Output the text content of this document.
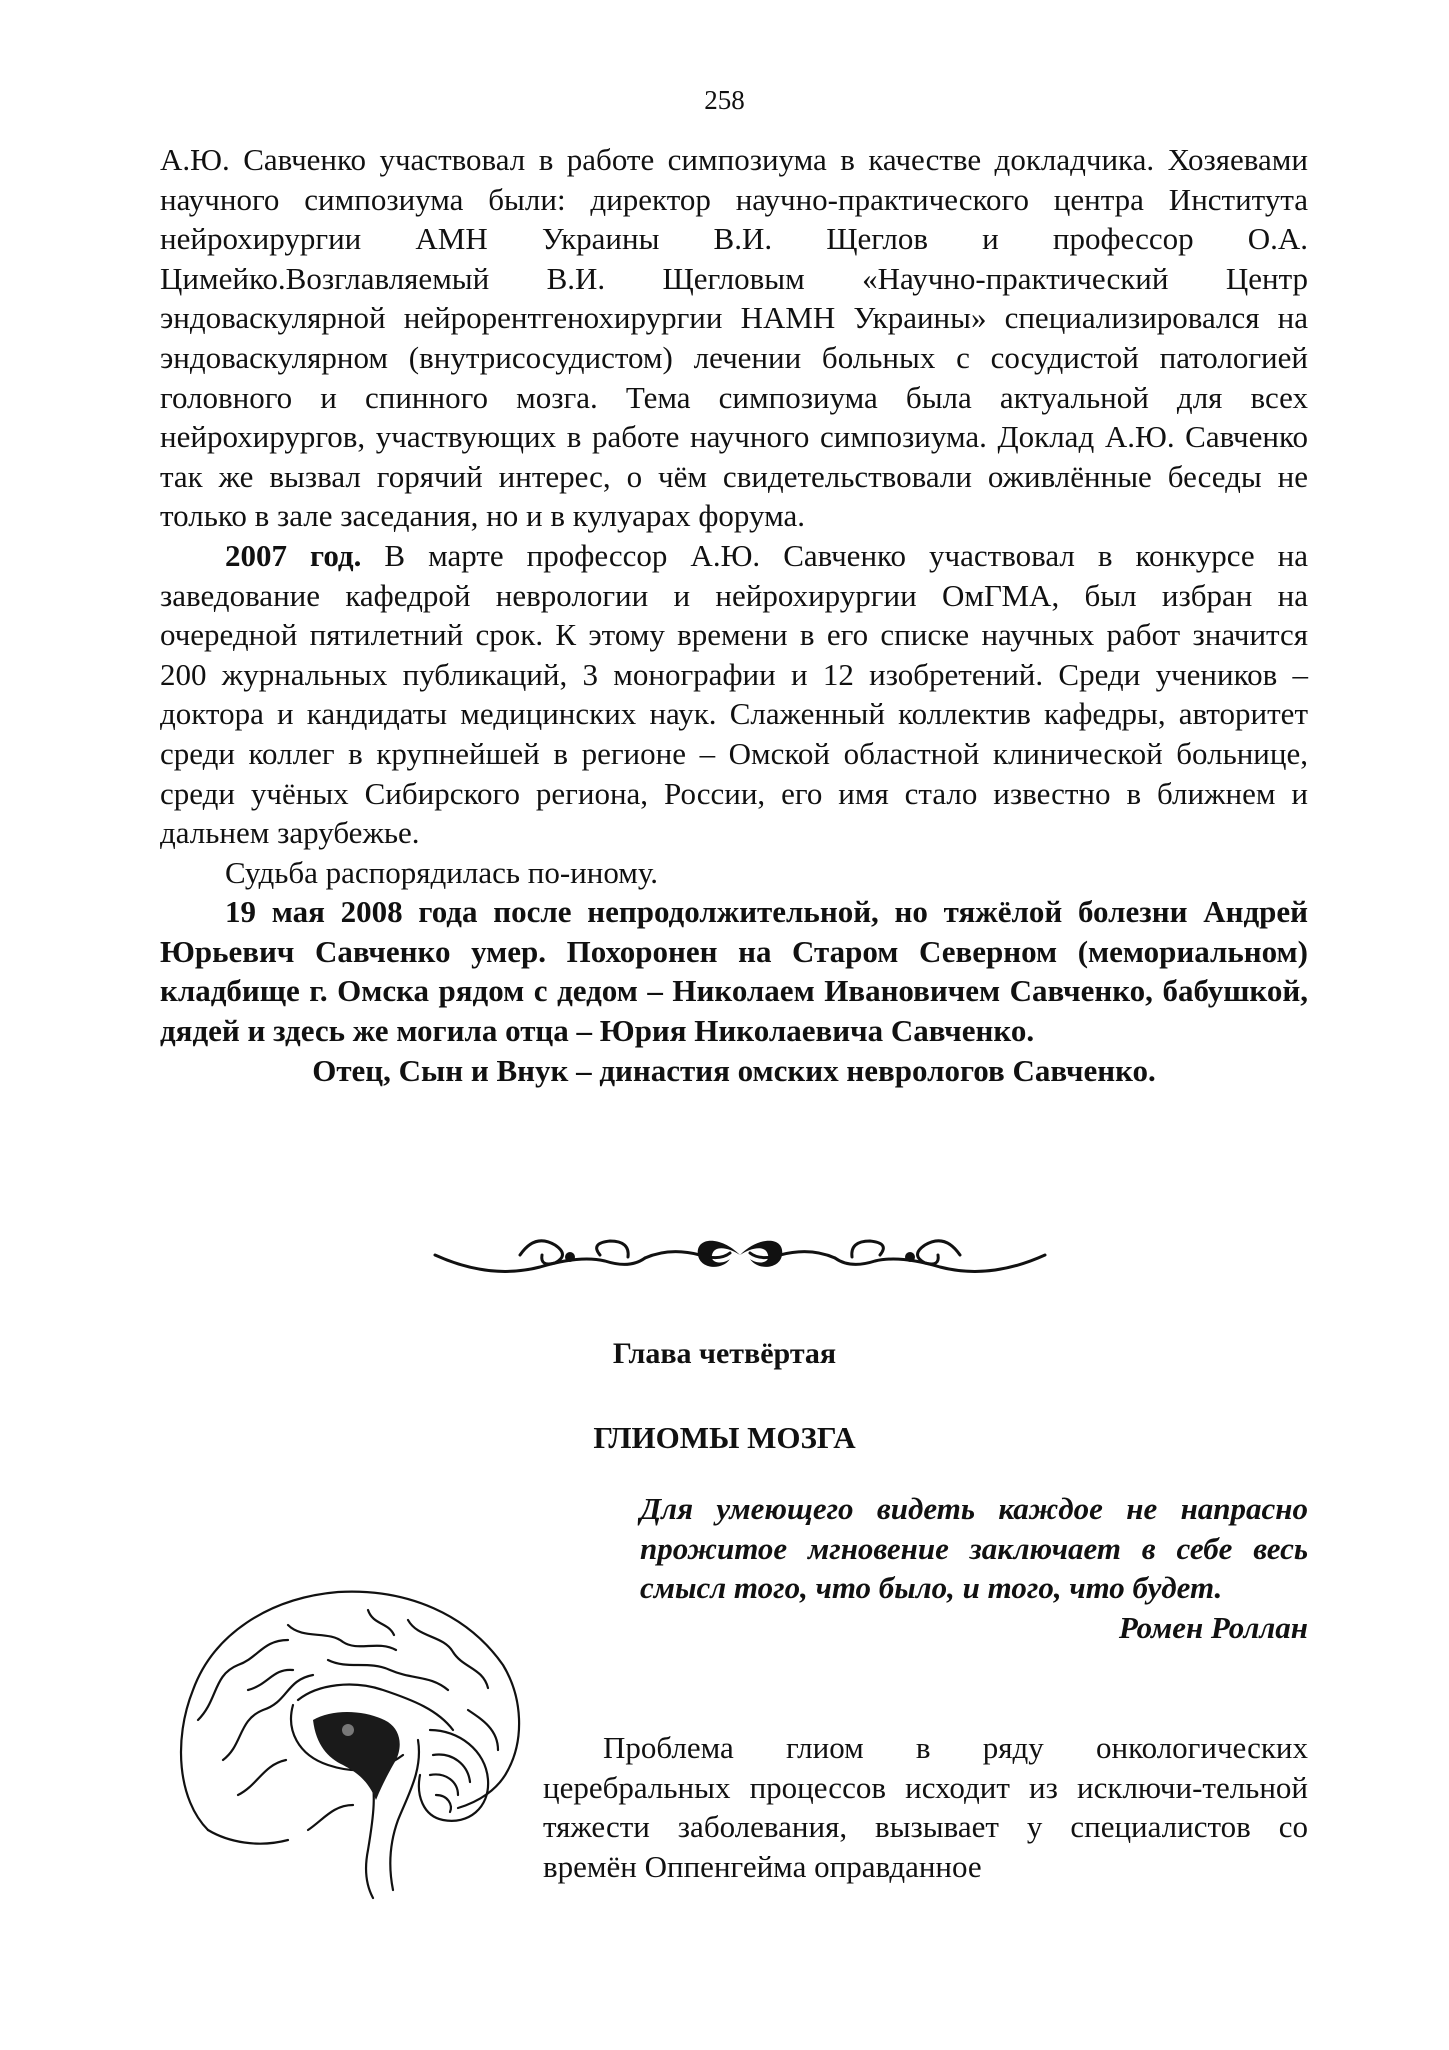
258

А.Ю. Савченко участвовал в работе симпозиума в качестве докладчика. Хозяевами научного симпозиума были: директор научно-практического центра Института нейрохирургии АМН Украины В.И. Щеглов и профессор О.А. Цимейко.Возглавляемый В.И. Щегловым «Научно-практический Центр эндоваскулярной нейрорентгенохирургии НАМН Украины» специализировался на эндоваскулярном (внутрисосудистом) лечении больных с сосудистой патологией головного и спинного мозга. Тема симпозиума была актуальной для всех нейрохирургов, участвующих в работе научного симпозиума. Доклад А.Ю. Савченко так же вызвал горячий интерес, о чём свидетельствовали оживлённые беседы не только в зале заседания, но и в кулуарах форума.

2007 год. В марте профессор А.Ю. Савченко участвовал в конкурсе на заведование кафедрой неврологии и нейрохирургии ОмГМА, был избран на очередной пятилетний срок. К этому времени в его списке научных работ значится 200 журнальных публикаций, 3 монографии и 12 изобретений. Среди учеников – доктора и кандидаты медицинских наук. Слаженный коллектив кафедры, авторитет среди коллег в крупнейшей в регионе – Омской областной клинической больнице, среди учёных Сибирского региона, России, его имя стало известно в ближнем и дальнем зарубежье.

Судьба распорядилась по-иному.

19 мая 2008 года после непродолжительной, но тяжёлой болезни Андрей Юрьевич Савченко умер. Похоронен на Старом Северном (мемориальном) кладбище г. Омска рядом с дедом – Николаем Ивановичем Савченко, бабушкой, дядей и здесь же могила отца – Юрия Николаевича Савченко.

Отец, Сын и Внук – династия омских неврологов Савченко.

Глава четвёртая
ГЛИОМЫ МОЗГА

Для умеющего видеть каждое не напрасно прожитое мгновение заключает в себе весь смысл того, что было, и того, что будет.

Ромен Роллан

Проблема глиом в ряду онкологических церебральных процессов исходит из исключи-тельной тяжести заболевания, вызывает у специалистов со времён Оппенгейма оправданное
